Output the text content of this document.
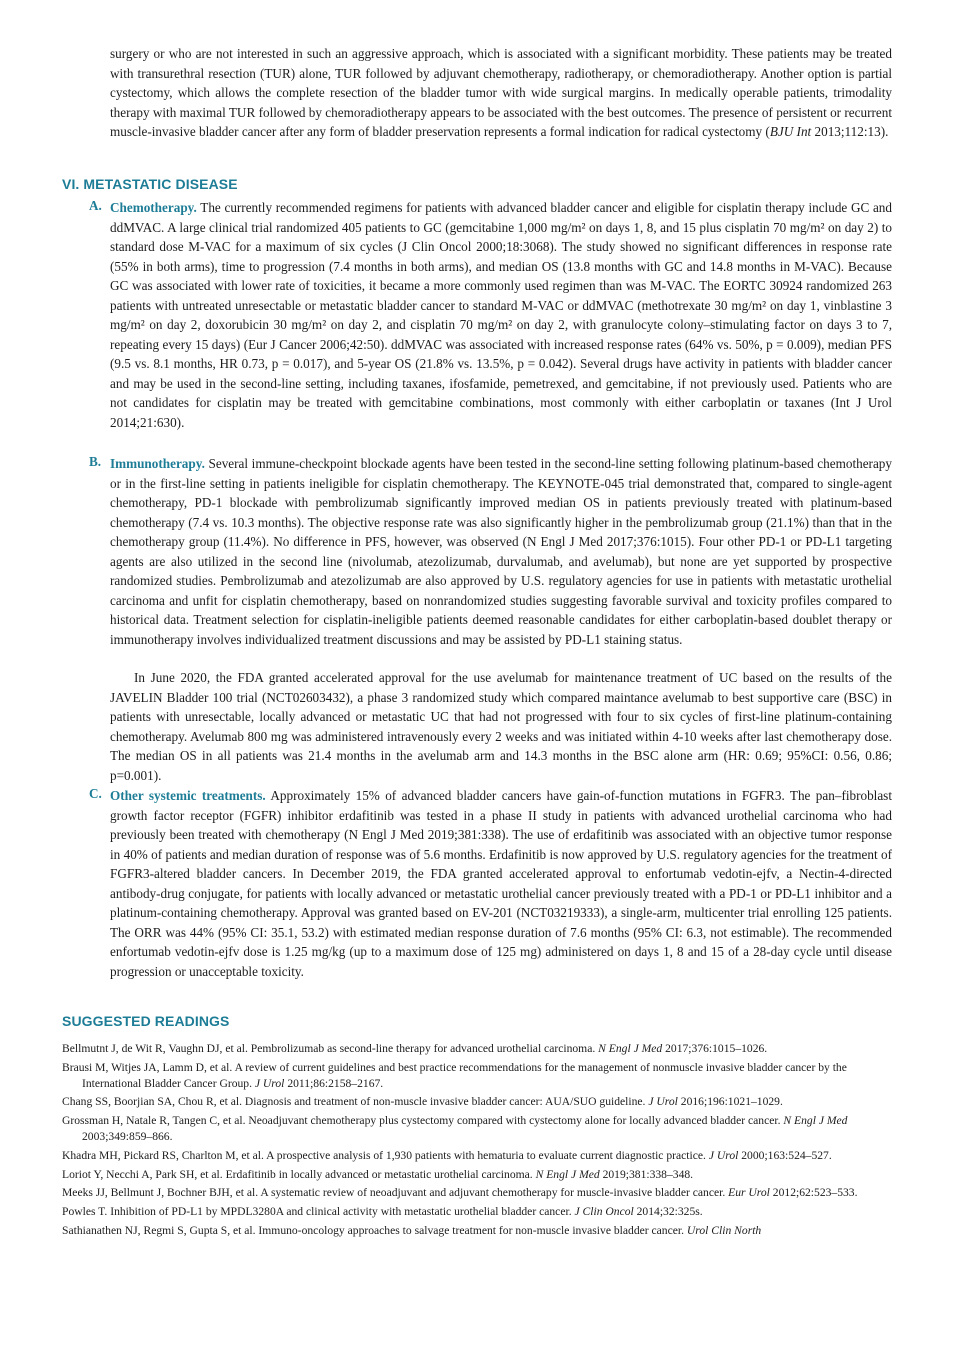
surgery or who are not interested in such an aggressive approach, which is associated with a significant morbidity. These patients may be treated with transurethral resection (TUR) alone, TUR followed by adjuvant chemotherapy, radiotherapy, or chemoradiotherapy. Another option is partial cystectomy, which allows the complete resection of the bladder tumor with wide surgical margins. In medically operable patients, trimodality therapy with maximal TUR followed by chemoradiotherapy appears to be associated with the best outcomes. The presence of persistent or recurrent muscle-invasive bladder cancer after any form of bladder preservation represents a formal indication for radical cystectomy (BJU Int 2013;112:13).

VI. METASTATIC DISEASE
A. Chemotherapy. The currently recommended regimens for patients with advanced bladder cancer and eligible for cisplatin therapy include GC and ddMVAC. A large clinical trial randomized 405 patients to GC (gemcitabine 1,000 mg/m² on days 1, 8, and 15 plus cisplatin 70 mg/m² on day 2) to standard dose M-VAC for a maximum of six cycles (J Clin Oncol 2000;18:3068). The study showed no significant differences in response rate (55% in both arms), time to progression (7.4 months in both arms), and median OS (13.8 months with GC and 14.8 months in M-VAC). Because GC was associated with lower rate of toxicities, it became a more commonly used regimen than was M-VAC. The EORTC 30924 randomized 263 patients with untreated unresectable or metastatic bladder cancer to standard M-VAC or ddMVAC (methotrexate 30 mg/m² on day 1, vinblastine 3 mg/m² on day 2, doxorubicin 30 mg/m² on day 2, and cisplatin 70 mg/m² on day 2, with granulocyte colony–stimulating factor on days 3 to 7, repeating every 15 days) (Eur J Cancer 2006;42:50). ddMVAC was associated with increased response rates (64% vs. 50%, p = 0.009), median PFS (9.5 vs. 8.1 months, HR 0.73, p = 0.017), and 5-year OS (21.8% vs. 13.5%, p = 0.042). Several drugs have activity in patients with bladder cancer and may be used in the second-line setting, including taxanes, ifosfamide, pemetrexed, and gemcitabine, if not previously used. Patients who are not candidates for cisplatin may be treated with gemcitabine combinations, most commonly with either carboplatin or taxanes (Int J Urol 2014;21:630).

B. Immunotherapy. Several immune-checkpoint blockade agents have been tested in the second-line setting following platinum-based chemotherapy or in the first-line setting in patients ineligible for cisplatin chemotherapy. The KEYNOTE-045 trial demonstrated that, compared to single-agent chemotherapy, PD-1 blockade with pembrolizumab significantly improved median OS in patients previously treated with platinum-based chemotherapy (7.4 vs. 10.3 months). The objective response rate was also significantly higher in the pembrolizumab group (21.1%) than that in the chemotherapy group (11.4%). No difference in PFS, however, was observed (N Engl J Med 2017;376:1015). Four other PD-1 or PD-L1 targeting agents are also utilized in the second line (nivolumab, atezolizumab, durvalumab, and avelumab), but none are yet supported by prospective randomized studies. Pembrolizumab and atezolizumab are also approved by U.S. regulatory agencies for use in patients with metastatic urothelial carcinoma and unfit for cisplatin chemotherapy, based on nonrandomized studies suggesting favorable survival and toxicity profiles compared to historical data. Treatment selection for cisplatin-ineligible patients deemed reasonable candidates for either carboplatin-based doublet therapy or immunotherapy involves individualized treatment discussions and may be assisted by PD-L1 staining status.

In June 2020, the FDA granted accelerated approval for the use avelumab for maintenance treatment of UC based on the results of the JAVELIN Bladder 100 trial (NCT02603432), a phase 3 randomized study which compared maintance avelumab to best supportive care (BSC) in patients with unresectable, locally advanced or metastatic UC that had not progressed with four to six cycles of first-line platinum-containing chemotherapy. Avelumab 800 mg was administered intravenously every 2 weeks and was initiated within 4-10 weeks after last chemotherapy dose. The median OS in all patients was 21.4 months in the avelumab arm and 14.3 months in the BSC alone arm (HR: 0.69; 95%CI: 0.56, 0.86; p=0.001).

C. Other systemic treatments. Approximately 15% of advanced bladder cancers have gain-of-function mutations in FGFR3. The pan–fibroblast growth factor receptor (FGFR) inhibitor erdafitinib was tested in a phase II study in patients with advanced urothelial carcinoma who had previously been treated with chemotherapy (N Engl J Med 2019;381:338). The use of erdafitinib was associated with an objective tumor response in 40% of patients and median duration of response was of 5.6 months. Erdafinitib is now approved by U.S. regulatory agencies for the treatment of FGFR3-altered bladder cancers. In December 2019, the FDA granted accelerated approval to enfortumab vedotin-ejfv, a Nectin-4-directed antibody-drug conjugate, for patients with locally advanced or metastatic urothelial cancer previously treated with a PD-1 or PD-L1 inhibitor and a platinum-containing chemotherapy. Approval was granted based on EV-201 (NCT03219333), a single-arm, multicenter trial enrolling 125 patients. The ORR was 44% (95% CI: 35.1, 53.2) with estimated median response duration of 7.6 months (95% CI: 6.3, not estimable). The recommended enfortumab vedotin-ejfv dose is 1.25 mg/kg (up to a maximum dose of 125 mg) administered on days 1, 8 and 15 of a 28-day cycle until disease progression or unacceptable toxicity.

SUGGESTED READINGS
Bellmutnt J, de Wit R, Vaughn DJ, et al. Pembrolizumab as second-line therapy for advanced urothelial carcinoma. N Engl J Med 2017;376:1015–1026.
Brausi M, Witjes JA, Lamm D, et al. A review of current guidelines and best practice recommendations for the management of nonmuscle invasive bladder cancer by the International Bladder Cancer Group. J Urol 2011;86:2158–2167.
Chang SS, Boorjian SA, Chou R, et al. Diagnosis and treatment of non-muscle invasive bladder cancer: AUA/SUO guideline. J Urol 2016;196:1021–1029.
Grossman H, Natale R, Tangen C, et al. Neoadjuvant chemotherapy plus cystectomy compared with cystectomy alone for locally advanced bladder cancer. N Engl J Med 2003;349:859–866.
Khadra MH, Pickard RS, Charlton M, et al. A prospective analysis of 1,930 patients with hematuria to evaluate current diagnostic practice. J Urol 2000;163:524–527.
Loriot Y, Necchi A, Park SH, et al. Erdafitinib in locally advanced or metastatic urothelial carcinoma. N Engl J Med 2019;381:338–348.
Meeks JJ, Bellmunt J, Bochner BJH, et al. A systematic review of neoadjuvant and adjuvant chemotherapy for muscle-invasive bladder cancer. Eur Urol 2012;62:523–533.
Powles T. Inhibition of PD-L1 by MPDL3280A and clinical activity with metastatic urothelial bladder cancer. J Clin Oncol 2014;32:325s.
Sathianathen NJ, Regmi S, Gupta S, et al. Immuno-oncology approaches to salvage treatment for non-muscle invasive bladder cancer. Urol Clin North
